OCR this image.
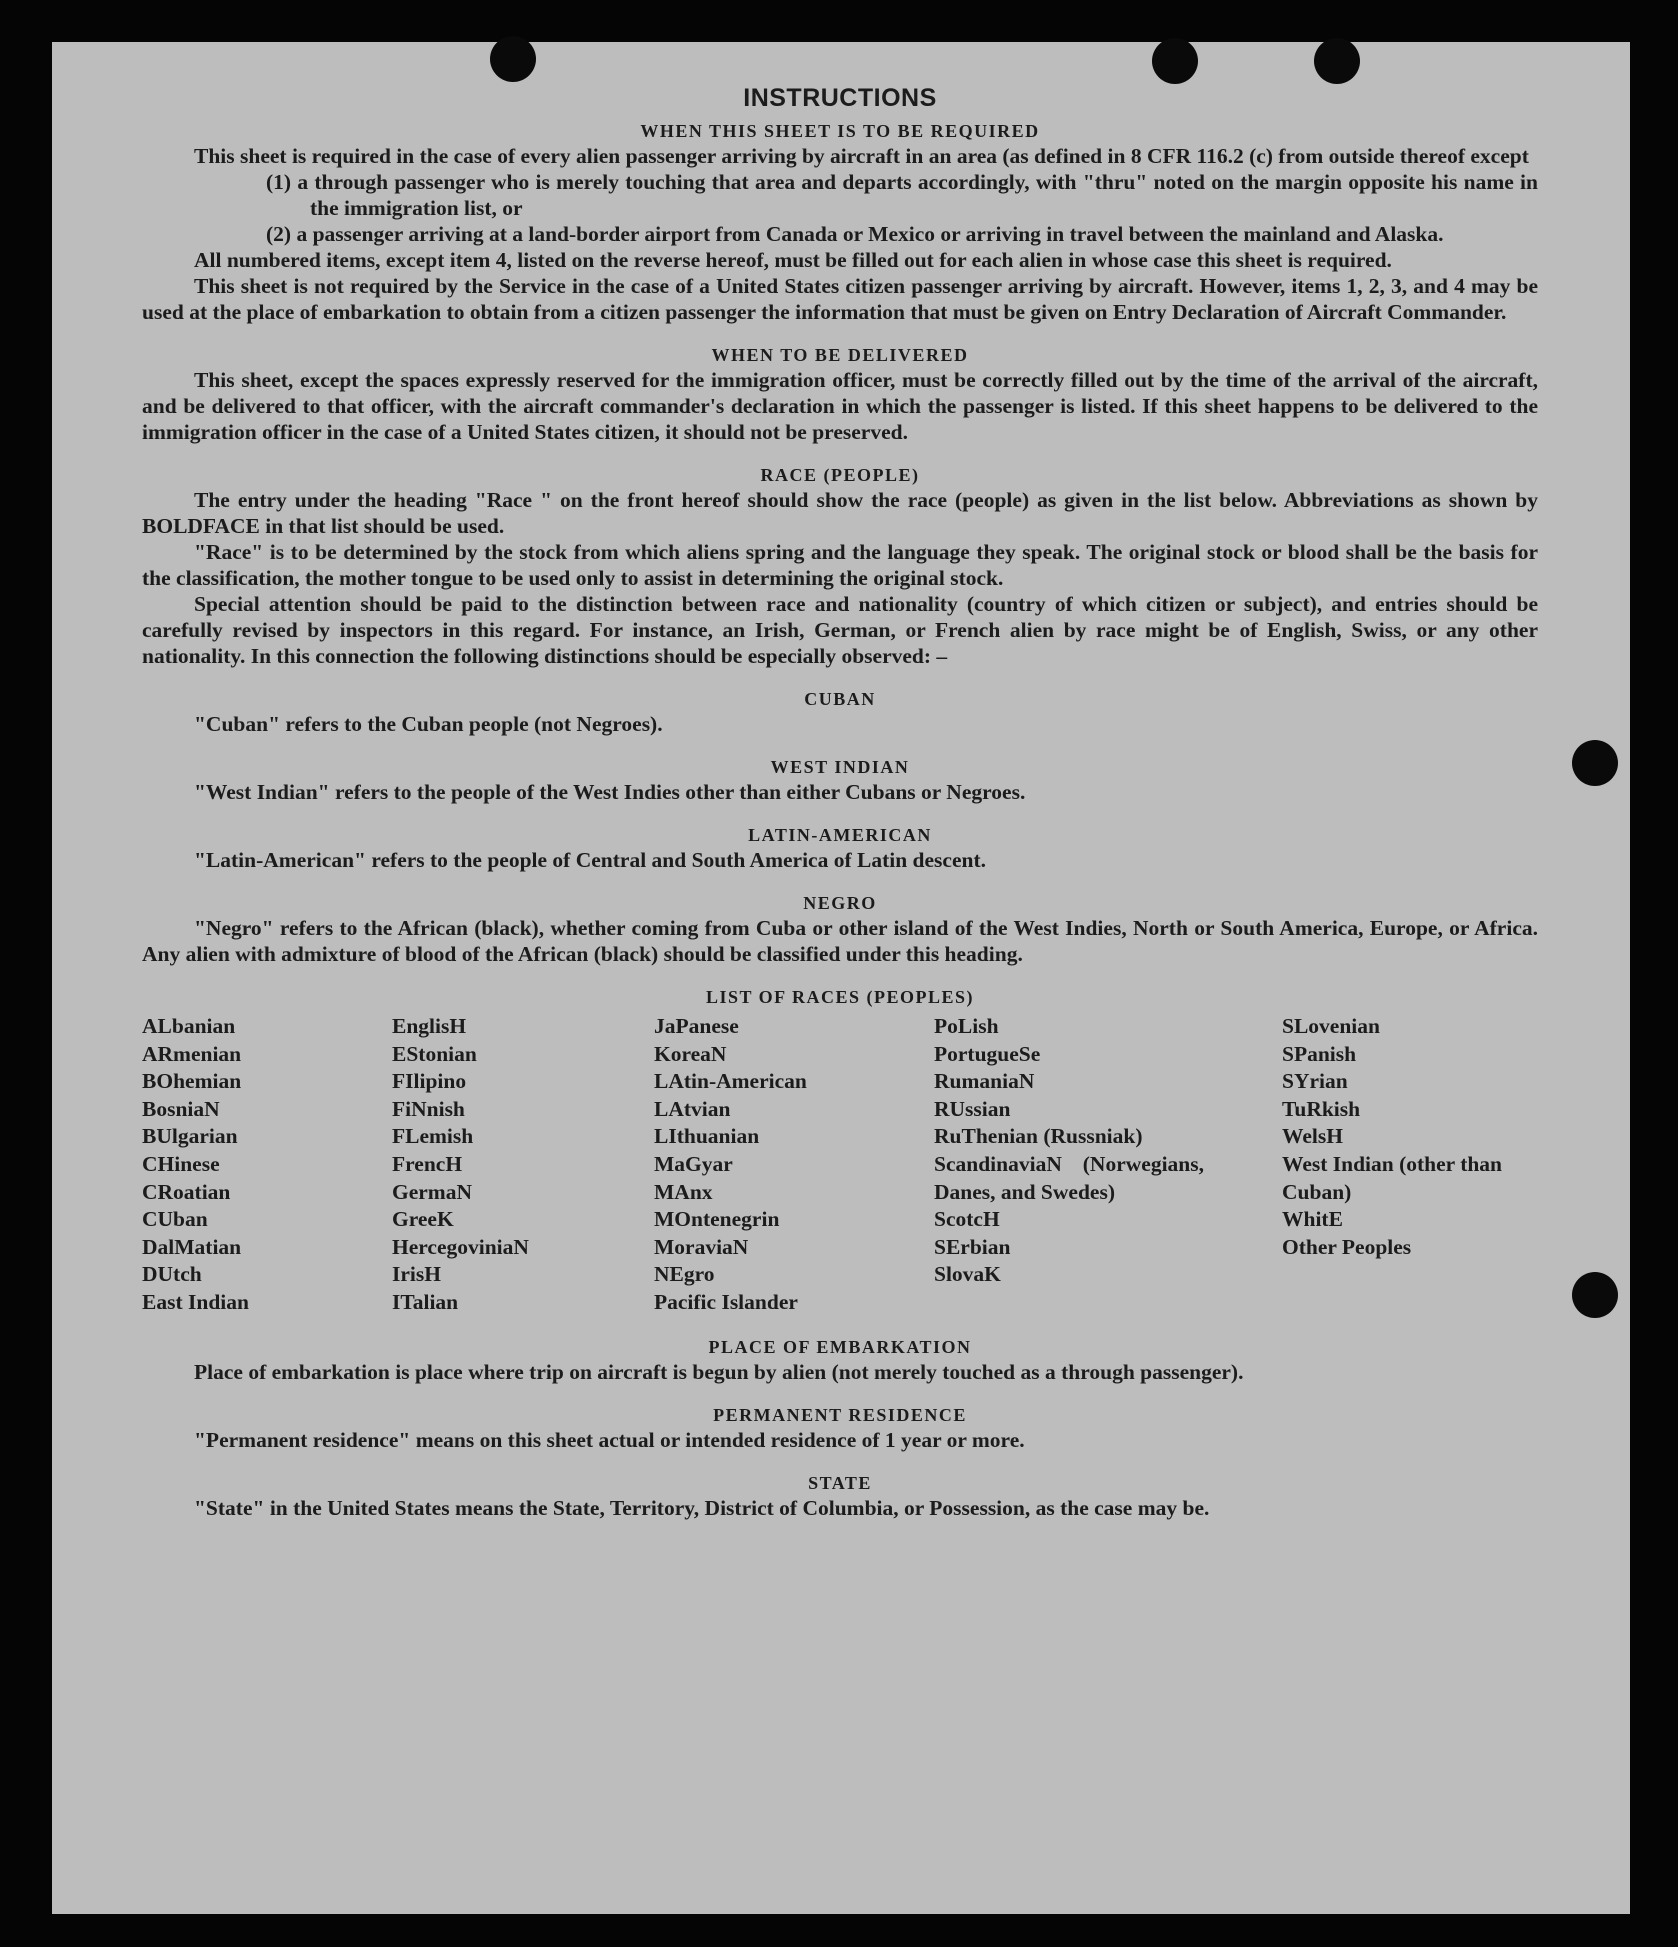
INSTRUCTIONS
WHEN THIS SHEET IS TO BE REQUIRED

This sheet is required in the case of every alien passenger arriving by aircraft in an area (as defined in 8 CFR 116.2 (c) from outside thereof except

(1) a through passenger who is merely touching that area and departs accordingly, with "thru" noted on the margin opposite his name in the immigration list, or

(2) a passenger arriving at a land-border airport from Canada or Mexico or arriving in travel between the mainland and Alaska.

All numbered items, except item 4, listed on the reverse hereof, must be filled out for each alien in whose case this sheet is required.

This sheet is not required by the Service in the case of a United States citizen passenger arriving by aircraft. However, items 1, 2, 3, and 4 may be used at the place of embarkation to obtain from a citizen passenger the information that must be given on Entry Declaration of Aircraft Commander.

WHEN TO BE DELIVERED

This sheet, except the spaces expressly reserved for the immigration officer, must be correctly filled out by the time of the arrival of the aircraft, and be delivered to that officer, with the aircraft commander's declaration in which the passenger is listed. If this sheet happens to be delivered to the immigration officer in the case of a United States citizen, it should not be preserved.

RACE (PEOPLE)

The entry under the heading "Race " on the front hereof should show the race (people) as given in the list below. Abbreviations as shown by BOLDFACE in that list should be used.

"Race" is to be determined by the stock from which aliens spring and the language they speak. The original stock or blood shall be the basis for the classification, the mother tongue to be used only to assist in determining the original stock.

Special attention should be paid to the distinction between race and nationality (country of which citizen or subject), and entries should be carefully revised by inspectors in this regard. For instance, an Irish, German, or French alien by race might be of English, Swiss, or any other nationality. In this connection the following distinctions should be especially observed: –

CUBAN

"Cuban" refers to the Cuban people (not Negroes).

WEST INDIAN

"West Indian" refers to the people of the West Indies other than either Cubans or Negroes.

LATIN-AMERICAN

"Latin-American" refers to the people of Central and South America of Latin descent.

NEGRO

"Negro" refers to the African (black), whether coming from Cuba or other island of the West Indies, North or South America, Europe, or Africa. Any alien with admixture of blood of the African (black) should be classified under this heading.

LIST OF RACES (PEOPLES)
ALbanian
ARmenian
BOhemian
BosniaN
BUlgarian
CHinese
CRoatian
CUban
DalMatian
DUtch
East Indian
EnglisH
EStonian
FIlipino
FiNnish
FLemish
FrencH
GermaN
GreeK
HercegoviniaN
IrisH
ITalian
JaPanese
KoreaN
LAtin-American
LAtvian
LIthuanian
MaGyar
MAnx
MOntenegrin
MoraviaN
NEgro
Pacific Islander
PoLish
PortugueSe
RumaniaN
RUssian
RuThenian (Russniak)
ScandinaviaN (Norwegians, Danes, and Swedes)
ScotcH
SErbian
SlovaK
SLovenian
SPanish
SYrian
TuRkish
WelsH
West Indian (other than Cuban)
WhitE
Other Peoples
PLACE OF EMBARKATION

Place of embarkation is place where trip on aircraft is begun by alien (not merely touched as a through passenger).

PERMANENT RESIDENCE

"Permanent residence" means on this sheet actual or intended residence of 1 year or more.

STATE

"State" in the United States means the State, Territory, District of Columbia, or Possession, as the case may be.
